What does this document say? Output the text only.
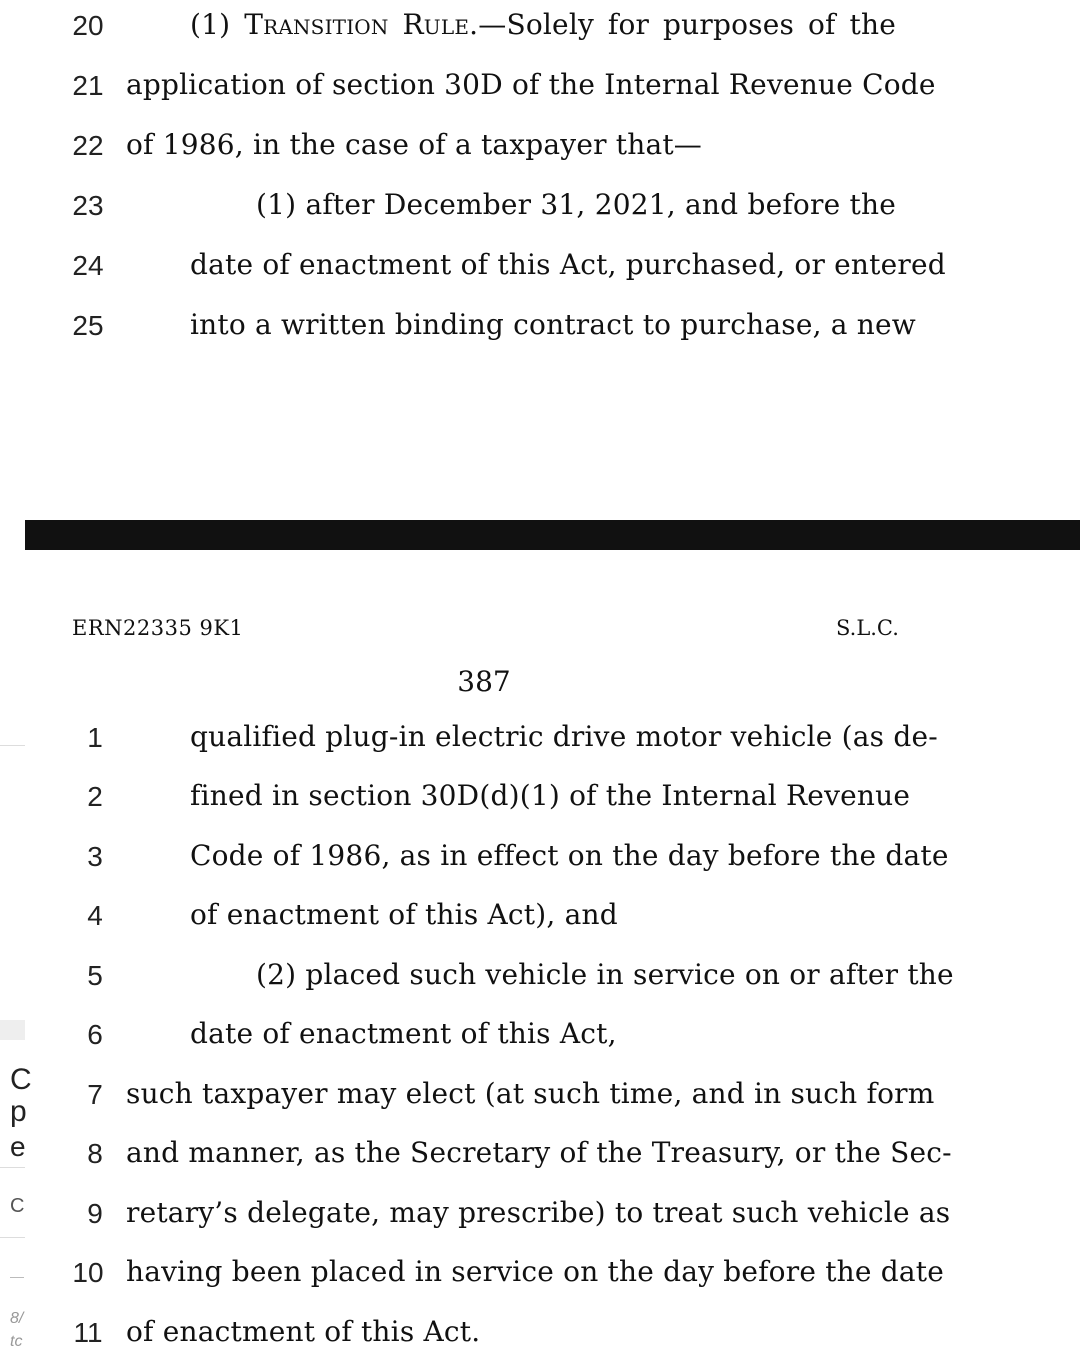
20	(1) Transition Rule.—Solely for purposes of the
21 application of section 30D of the Internal Revenue Code
22 of 1986, in the case of a taxpayer that—
23	(1) after December 31, 2021, and before the
24	date of enactment of this Act, purchased, or entered
25	into a written binding contract to purchase, a new
ERN22335 9K1	S.L.C.
387
1	qualified plug-in electric drive motor vehicle (as de-
2	fined in section 30D(d)(1) of the Internal Revenue
3	Code of 1986, as in effect on the day before the date
4	of enactment of this Act), and
5	(2) placed such vehicle in service on or after the
6	date of enactment of this Act,
7 such taxpayer may elect (at such time, and in such form
8 and manner, as the Secretary of the Treasury, or the Sec-
9 retary’s delegate, may prescribe) to treat such vehicle as
10 having been placed in service on the day before the date
11 of enactment of this Act.
C
p
e
C
8/
tc
